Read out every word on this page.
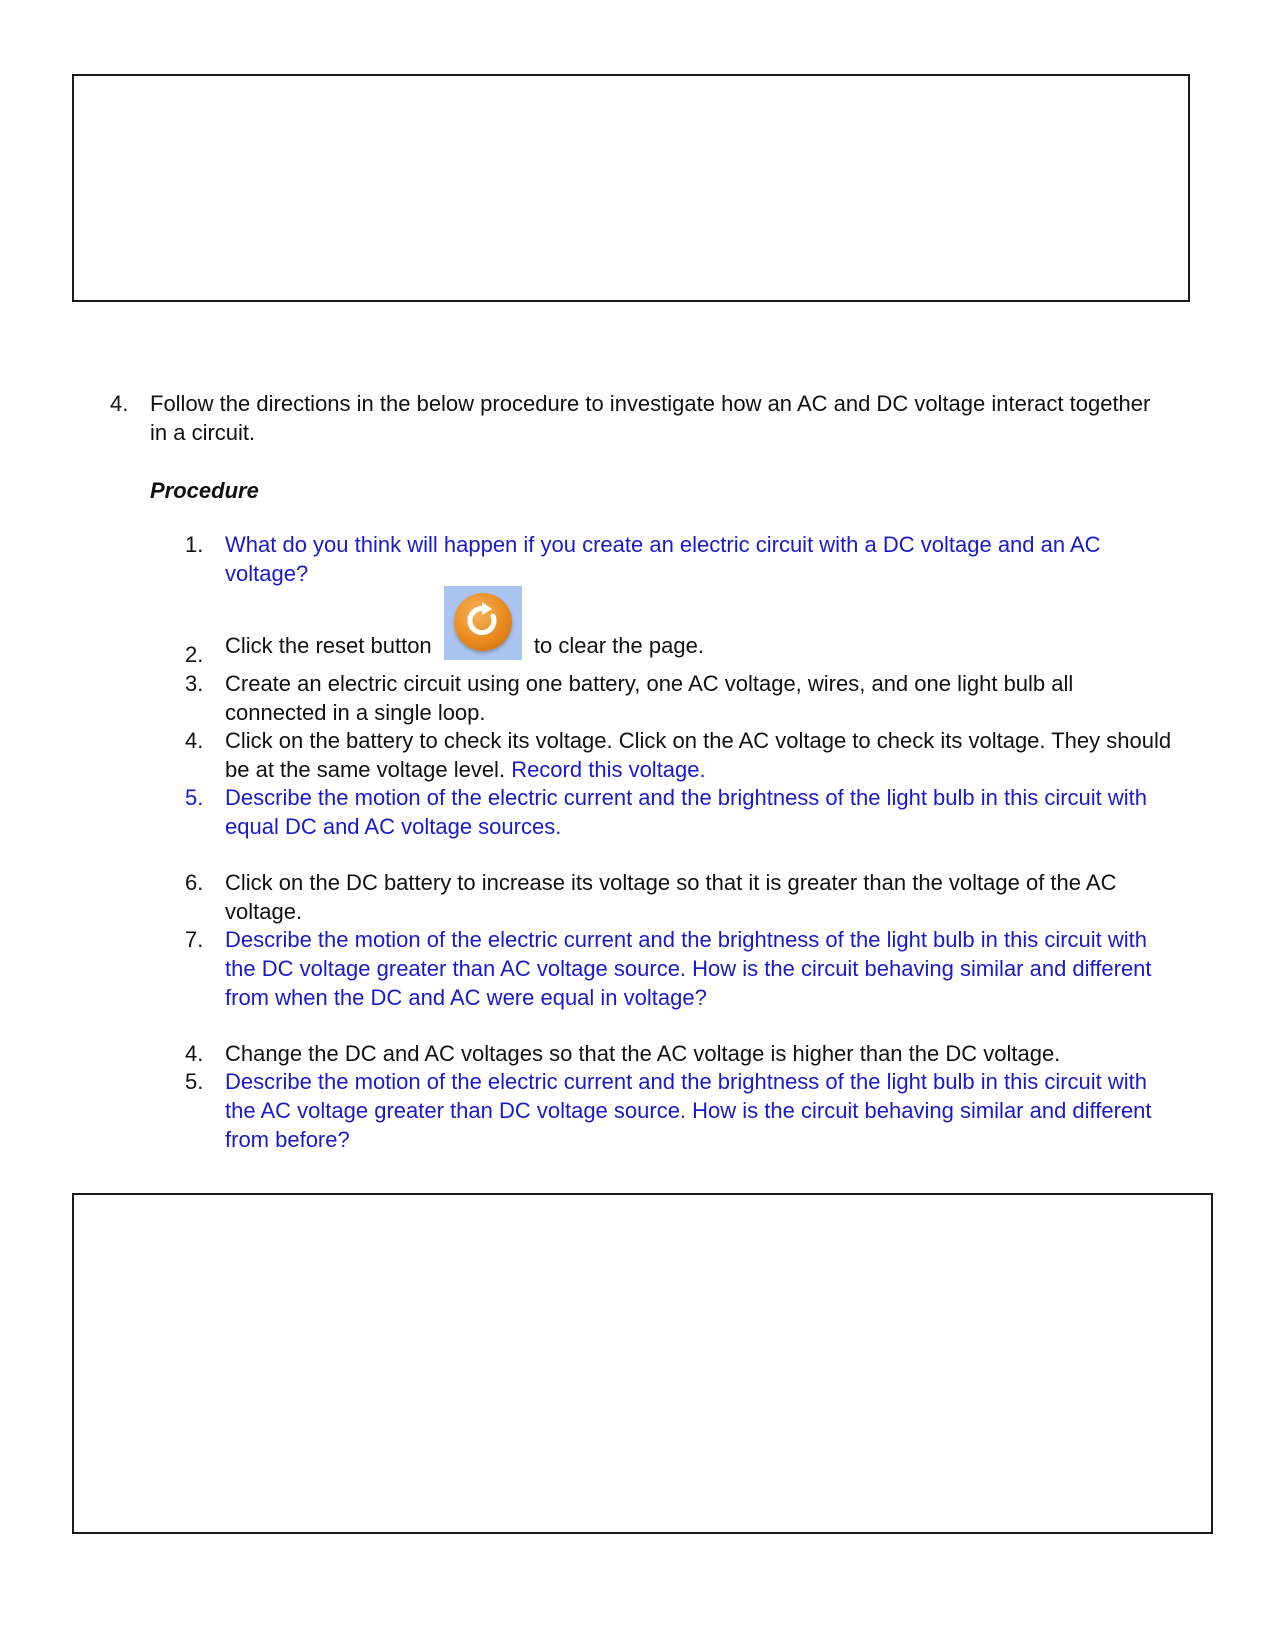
4. Follow the directions in the below procedure to investigate how an AC and DC voltage interact together in a circuit.
Procedure
1. What do you think will happen if you create an electric circuit with a DC voltage and an AC voltage?
2. Click the reset button	to clear the page.
3. Create an electric circuit using one battery, one AC voltage, wires, and one light bulb all connected in a single loop.
4. Click on the battery to check its voltage. Click on the AC voltage to check its voltage. They should be at the same voltage level. Record this voltage.
5. Describe the motion of the electric current and the brightness of the light bulb in this circuit with equal DC and AC voltage sources.
6. Click on the DC battery to increase its voltage so that it is greater than the voltage of the AC voltage.
7. Describe the motion of the electric current and the brightness of the light bulb in this circuit with the DC voltage greater than AC voltage source. How is the circuit behaving similar and different from when the DC and AC were equal in voltage?
4. Change the DC and AC voltages so that the AC voltage is higher than the DC voltage.
5. Describe the motion of the electric current and the brightness of the light bulb in this circuit with the AC voltage greater than DC voltage source. How is the circuit behaving similar and different from before?
